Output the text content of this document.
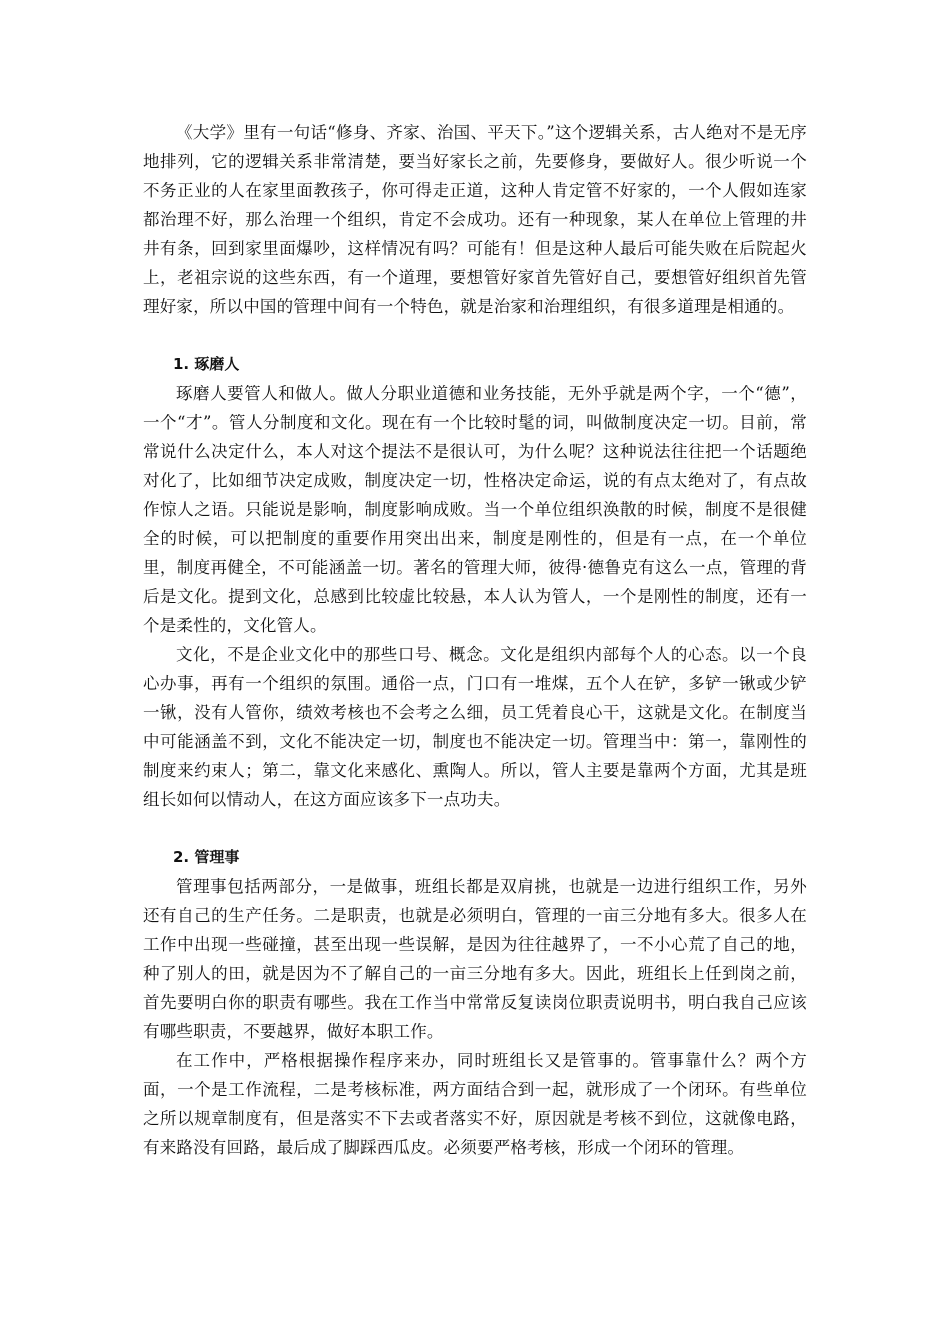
《大学》里有一句话“修身、齐家、治国、平天下。”这个逻辑关系，古人绝对不是无序地排列，它的逻辑关系非常清楚，要当好家长之前，先要修身，要做好人。很少听说一个不务正业的人在家里面教孩子，你可得走正道，这种人肯定管不好家的，一个人假如连家都治理不好，那么治理一个组织，肯定不会成功。还有一种现象，某人在单位上管理的井井有条，回到家里面爆吵，这样情况有吗？可能有！但是这种人最后可能失败在后院起火上，老祖宗说的这些东西，有一个道理，要想管好家首先管好自己，要想管好组织首先管理好家，所以中国的管理中间有一个特色，就是治家和治理组织，有很多道理是相通的。

1. 琢磨人

琢磨人要管人和做人。做人分职业道德和业务技能，无外乎就是两个字，一个“德”，一个“才”。管人分制度和文化。现在有一个比较时髦的词，叫做制度决定一切。目前，常常说什么决定什么，本人对这个提法不是很认可，为什么呢？这种说法往往把一个话题绝对化了，比如细节决定成败，制度决定一切，性格决定命运，说的有点太绝对了，有点故作惊人之语。只能说是影响，制度影响成败。当一个单位组织涣散的时候，制度不是很健全的时候，可以把制度的重要作用突出出来，制度是刚性的，但是有一点，在一个单位里，制度再健全，不可能涵盖一切。著名的管理大师，彼得·德鲁克有这么一点，管理的背后是文化。提到文化，总感到比较虚比较悬，本人认为管人，一个是刚性的制度，还有一个是柔性的，文化管人。

文化，不是企业文化中的那些口号、概念。文化是组织内部每个人的心态。以一个良心办事，再有一个组织的氛围。通俗一点，门口有一堆煤，五个人在铲，多铲一锹或少铲一锹，没有人管你，绩效考核也不会考之么细，员工凭着良心干，这就是文化。在制度当中可能涵盖不到，文化不能决定一切，制度也不能决定一切。管理当中：第一，靠刚性的制度来约束人；第二，靠文化来感化、熏陶人。所以，管人主要是靠两个方面，尤其是班组长如何以情动人，在这方面应该多下一点功夫。

2. 管理事

管理事包括两部分，一是做事，班组长都是双肩挑，也就是一边进行组织工作，另外还有自己的生产任务。二是职责，也就是必须明白，管理的一亩三分地有多大。很多人在工作中出现一些碰撞，甚至出现一些误解，是因为往往越界了，一不小心荒了自己的地，种了别人的田，就是因为不了解自己的一亩三分地有多大。因此，班组长上任到岗之前，首先要明白你的职责有哪些。我在工作当中常常反复读岗位职责说明书，明白我自己应该有哪些职责，不要越界，做好本职工作。

在工作中，严格根据操作程序来办，同时班组长又是管事的。管事靠什么？两个方面，一个是工作流程，二是考核标准，两方面结合到一起，就形成了一个闭环。有些单位之所以规章制度有，但是落实不下去或者落实不好，原因就是考核不到位，这就像电路，有来路没有回路，最后成了脚踩西瓜皮。必须要严格考核，形成一个闭环的管理。
